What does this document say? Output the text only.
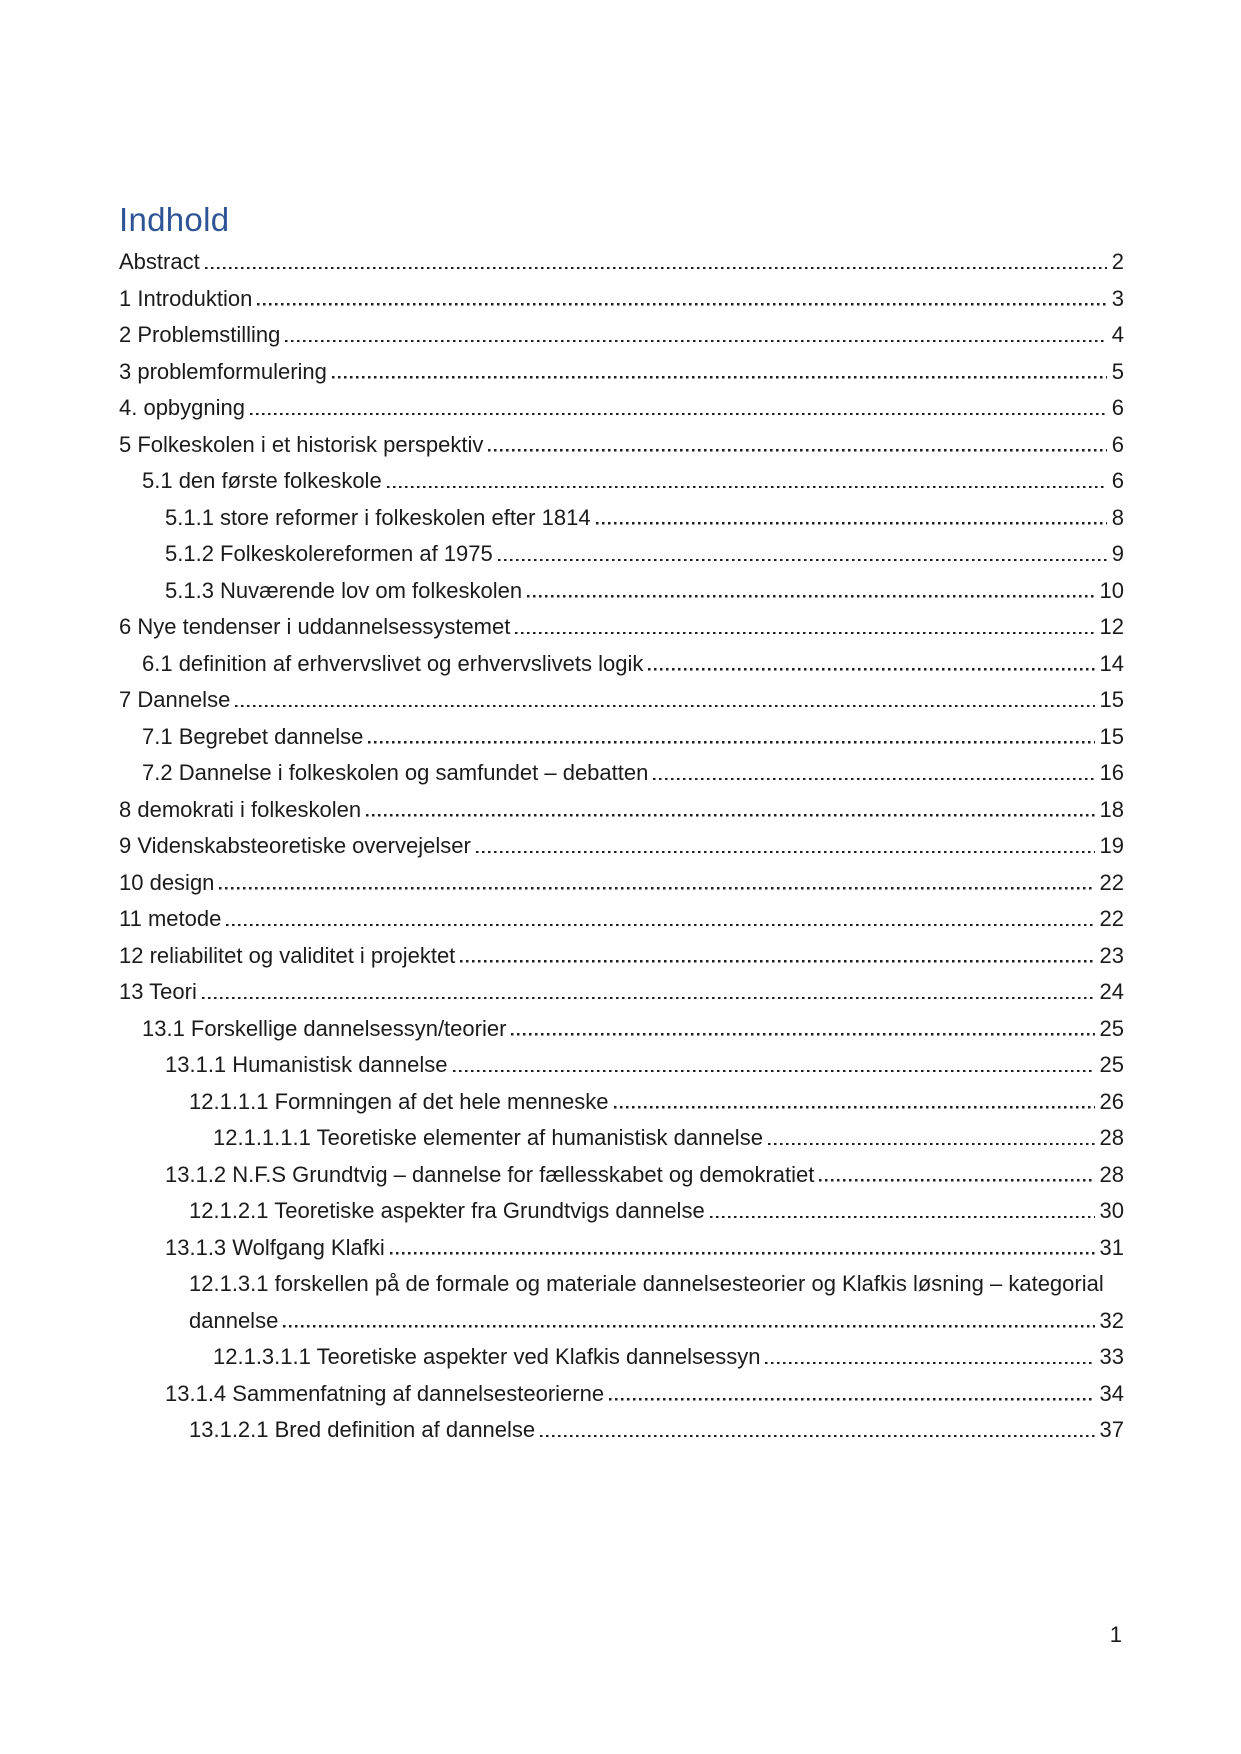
Indhold
Abstract	2
1 Introduktion	3
2 Problemstilling	4
3 problemformulering	5
4. opbygning	6
5 Folkeskolen i et historisk perspektiv	6
5.1 den første folkeskole	6
5.1.1 store reformer i folkeskolen efter 1814	8
5.1.2 Folkeskolereformen af 1975	9
5.1.3 Nuværende lov om folkeskolen	10
6 Nye tendenser i uddannelsessystemet	12
6.1 definition af erhvervslivet og erhvervslivets logik	14
7 Dannelse	15
7.1 Begrebet dannelse	15
7.2 Dannelse i folkeskolen og samfundet – debatten	16
8 demokrati i folkeskolen	18
9 Videnskabsteoretiske overvejelser	19
10 design	22
11 metode	22
12 reliabilitet og validitet i projektet	23
13 Teori	24
13.1 Forskellige dannelsessyn/teorier	25
13.1.1 Humanistisk dannelse	25
12.1.1.1 Formningen af det hele menneske	26
12.1.1.1.1 Teoretiske elementer af humanistisk dannelse	28
13.1.2 N.F.S Grundtvig – dannelse for fællesskabet og demokratiet	28
12.1.2.1 Teoretiske aspekter fra Grundtvigs dannelse	30
13.1.3 Wolfgang Klafki	31
12.1.3.1 forskellen på de formale og materiale dannelsesteorier og Klafkis løsning – kategorial
dannelse	32
12.1.3.1.1 Teoretiske aspekter ved Klafkis dannelsessyn	33
13.1.4 Sammenfatning af dannelsesteorierne	34
13.1.2.1 Bred definition af dannelse	37
1
